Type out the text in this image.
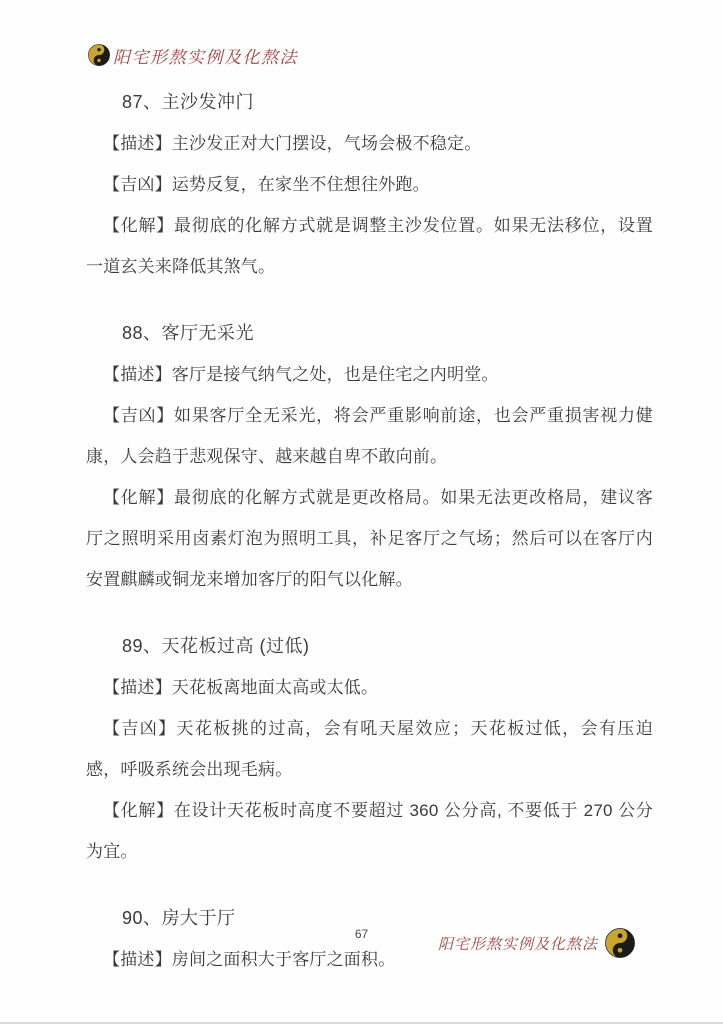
阳宅形熬实例及化熬法
87、主沙发冲门

【描述】主沙发正对大门摆设，气场会极不稳定。

【吉凶】运势反复，在家坐不住想往外跑。

【化解】最彻底的化解方式就是调整主沙发位置。如果无法移位，设置一道玄关来降低其煞气。

88、客厅无采光

【描述】客厅是接气纳气之处，也是住宅之内明堂。

【吉凶】如果客厅全无采光，将会严重影响前途，也会严重损害视力健康，人会趋于悲观保守、越来越自卑不敢向前。

【化解】最彻底的化解方式就是更改格局。如果无法更改格局，建议客厅之照明采用卤素灯泡为照明工具，补足客厅之气场；然后可以在客厅内安置麒麟或铜龙来增加客厅的阳气以化解。

89、天花板过高 (过低)

【描述】天花板离地面太高或太低。

【吉凶】天花板挑的过高，会有吼天屋效应；天花板过低，会有压迫感，呼吸系统会出现毛病。

【化解】在设计天花板时高度不要超过 360 公分高, 不要低于 270 公分为宜。

90、房大于厅

【描述】房间之面积大于客厅之面积。

67
阳宅形熬实例及化熬法
